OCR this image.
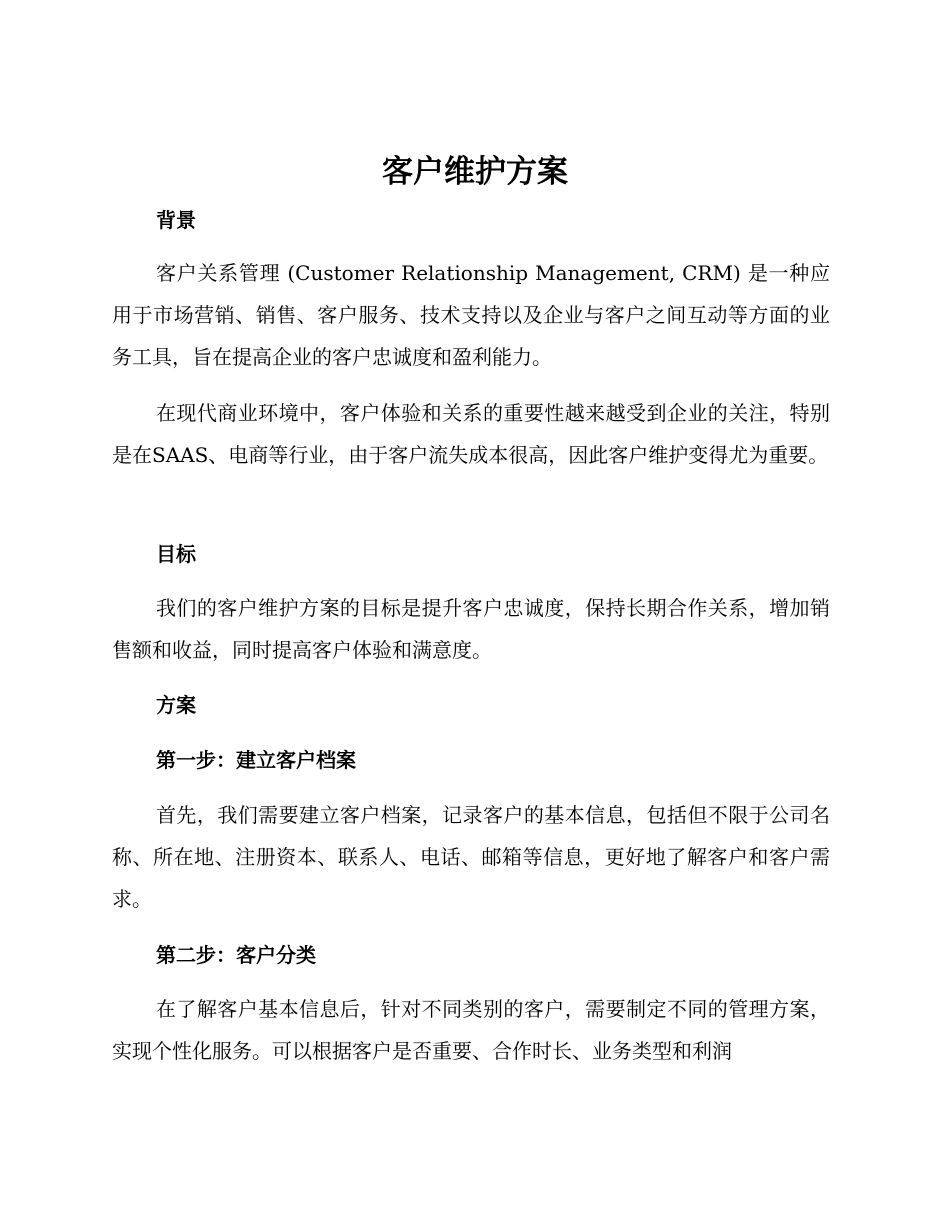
客户维护方案
背景

客户关系管理 (Customer Relationship Management, CRM) 是一种应用于市场营销、销售、客户服务、技术支持以及企业与客户之间互动等方面的业务工具，旨在提高企业的客户忠诚度和盈利能力。

在现代商业环境中，客户体验和关系的重要性越来越受到企业的关注，特别是在SAAS、电商等行业，由于客户流失成本很高，因此客户维护变得尤为重要。

目标

我们的客户维护方案的目标是提升客户忠诚度，保持长期合作关系，增加销售额和收益，同时提高客户体验和满意度。

方案
第一步：建立客户档案

首先，我们需要建立客户档案，记录客户的基本信息，包括但不限于公司名称、所在地、注册资本、联系人、电话、邮箱等信息，更好地了解客户和客户需求。

第二步：客户分类

在了解客户基本信息后，针对不同类别的客户，需要制定不同的管理方案，实现个性化服务。可以根据客户是否重要、合作时长、业务类型和利润
